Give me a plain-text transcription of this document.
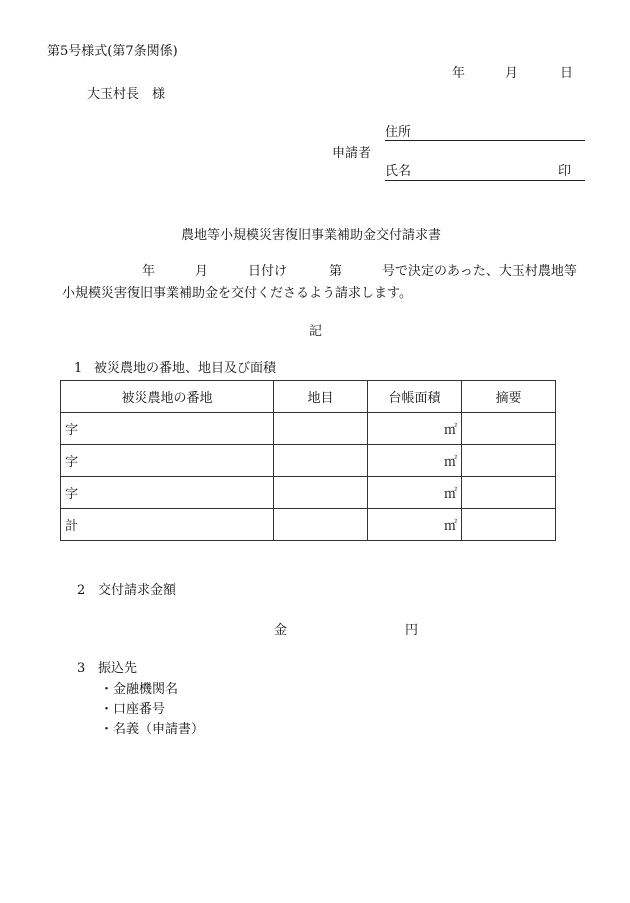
第5号様式(第7条関係)
年	月	日
大玉村長 様
申請者
住所
氏名	印
農地等小規模災害復旧事業補助金交付請求書
年	月	日付け	第	号で決定のあった、大玉村農地等
小規模災害復旧事業補助金を交付くださるよう請求します。
記
1 被災農地の番地、地目及び面積
被災農地の番地	地目	台帳面積	摘要
字		㎡	
字		㎡	
字		㎡	
計		㎡	
2 交付請求金額
金	円
3 振込先
・金融機関名
・口座番号
・名義（申請書）
